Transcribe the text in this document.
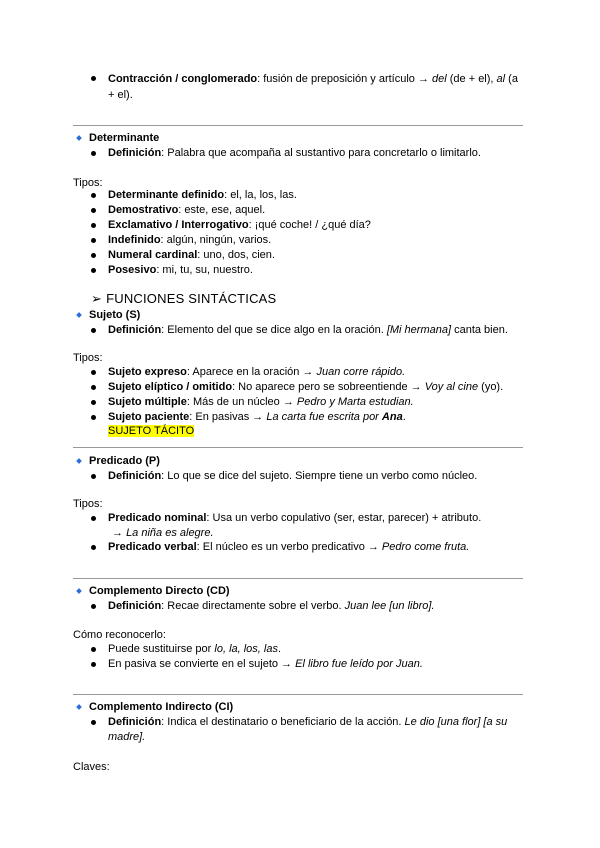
Contracción / conglomerado: fusión de preposición y artículo → del (de + el), al (a
+ el).
Determinante
Definición: Palabra que acompaña al sustantivo para concretarlo o limitarlo.
Tipos:
Determinante definido: el, la, los, las.
Demostrativo: este, ese, aquel.
Exclamativo / Interrogativo: ¡qué coche! / ¿qué día?
Indefinido: algún, ningún, varios.
Numeral cardinal: uno, dos, cien.
Posesivo: mi, tu, su, nuestro.
➢ FUNCIONES SINTÁCTICAS
Sujeto (S)
Definición: Elemento del que se dice algo en la oración. [Mi hermana] canta bien.
Tipos:
Sujeto expreso: Aparece en la oración → Juan corre rápido.
Sujeto elíptico / omitido: No aparece pero se sobreentiende → Voy al cine (yo).
Sujeto múltiple: Más de un núcleo → Pedro y Marta estudian.
Sujeto paciente: En pasivas → La carta fue escrita por Ana.
SUJETO TÁCITO
Predicado (P)
Definición: Lo que se dice del sujeto. Siempre tiene un verbo como núcleo.
Tipos:
Predicado nominal: Usa un verbo copulativo (ser, estar, parecer) + atributo.
→ La niña es alegre.
Predicado verbal: El núcleo es un verbo predicativo → Pedro come fruta.
Complemento Directo (CD)
Definición: Recae directamente sobre el verbo. Juan lee [un libro].
Cómo reconocerlo:
Puede sustituirse por lo, la, los, las.
En pasiva se convierte en el sujeto → El libro fue leído por Juan.
Complemento Indirecto (CI)
Definición: Indica el destinatario o beneficiario de la acción. Le dio [una flor] [a su
madre].
Claves:
